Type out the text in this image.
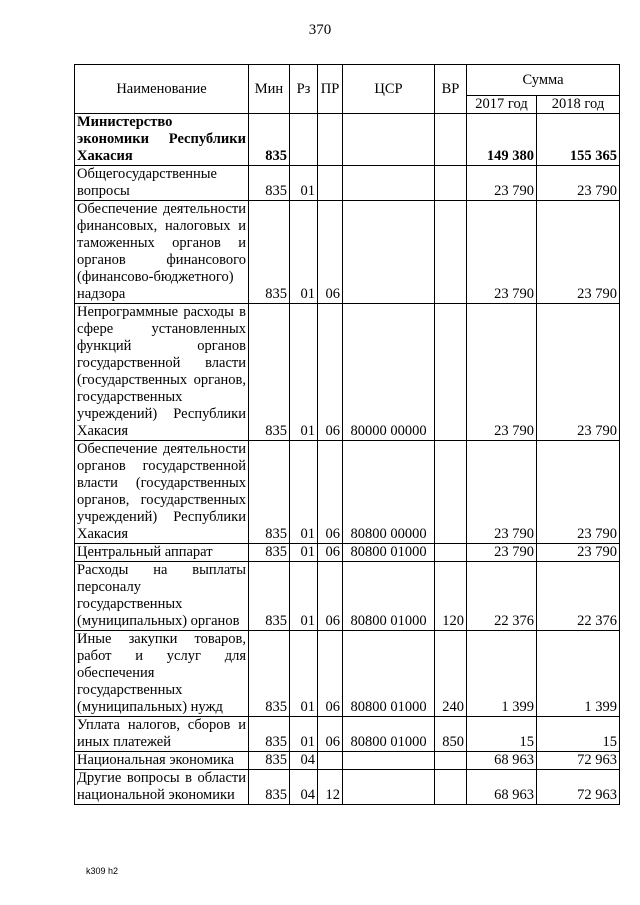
370
Наименование	Мин	Рз	ПР	ЦСР	ВР	Сумма	
						2017 год	2018 год
Министерство экономики Республики Хакасия	835					149 380	155 365
Общегосударственные вопросы	835	01				23 790	23 790
Обеспечение деятельности финансовых, налоговых и таможенных органов и органов финансового (финансово-бюджетного) надзора	835	01	06			23 790	23 790
Непрограммные расходы в сфере установленных функций органов государственной власти (государственных органов, государственных учреждений) Республики Хакасия	835	01	06	80000 00000		23 790	23 790
Обеспечение деятельности органов государственной власти (государственных органов, государственных учреждений) Республики Хакасия	835	01	06	80800 00000		23 790	23 790
Центральный аппарат	835	01	06	80800 01000		23 790	23 790
Расходы на выплаты персоналу государственных (муниципальных) органов	835	01	06	80800 01000	120	22 376	22 376
Иные закупки товаров, работ и услуг для обеспечения государственных (муниципальных) нужд	835	01	06	80800 01000	240	1 399	1 399
Уплата налогов, сборов и иных платежей	835	01	06	80800 01000	850	15	15
Национальная экономика	835	04				68 963	72 963
Другие вопросы в области национальной экономики	835	04	12			68 963	72 963
k309 h2
